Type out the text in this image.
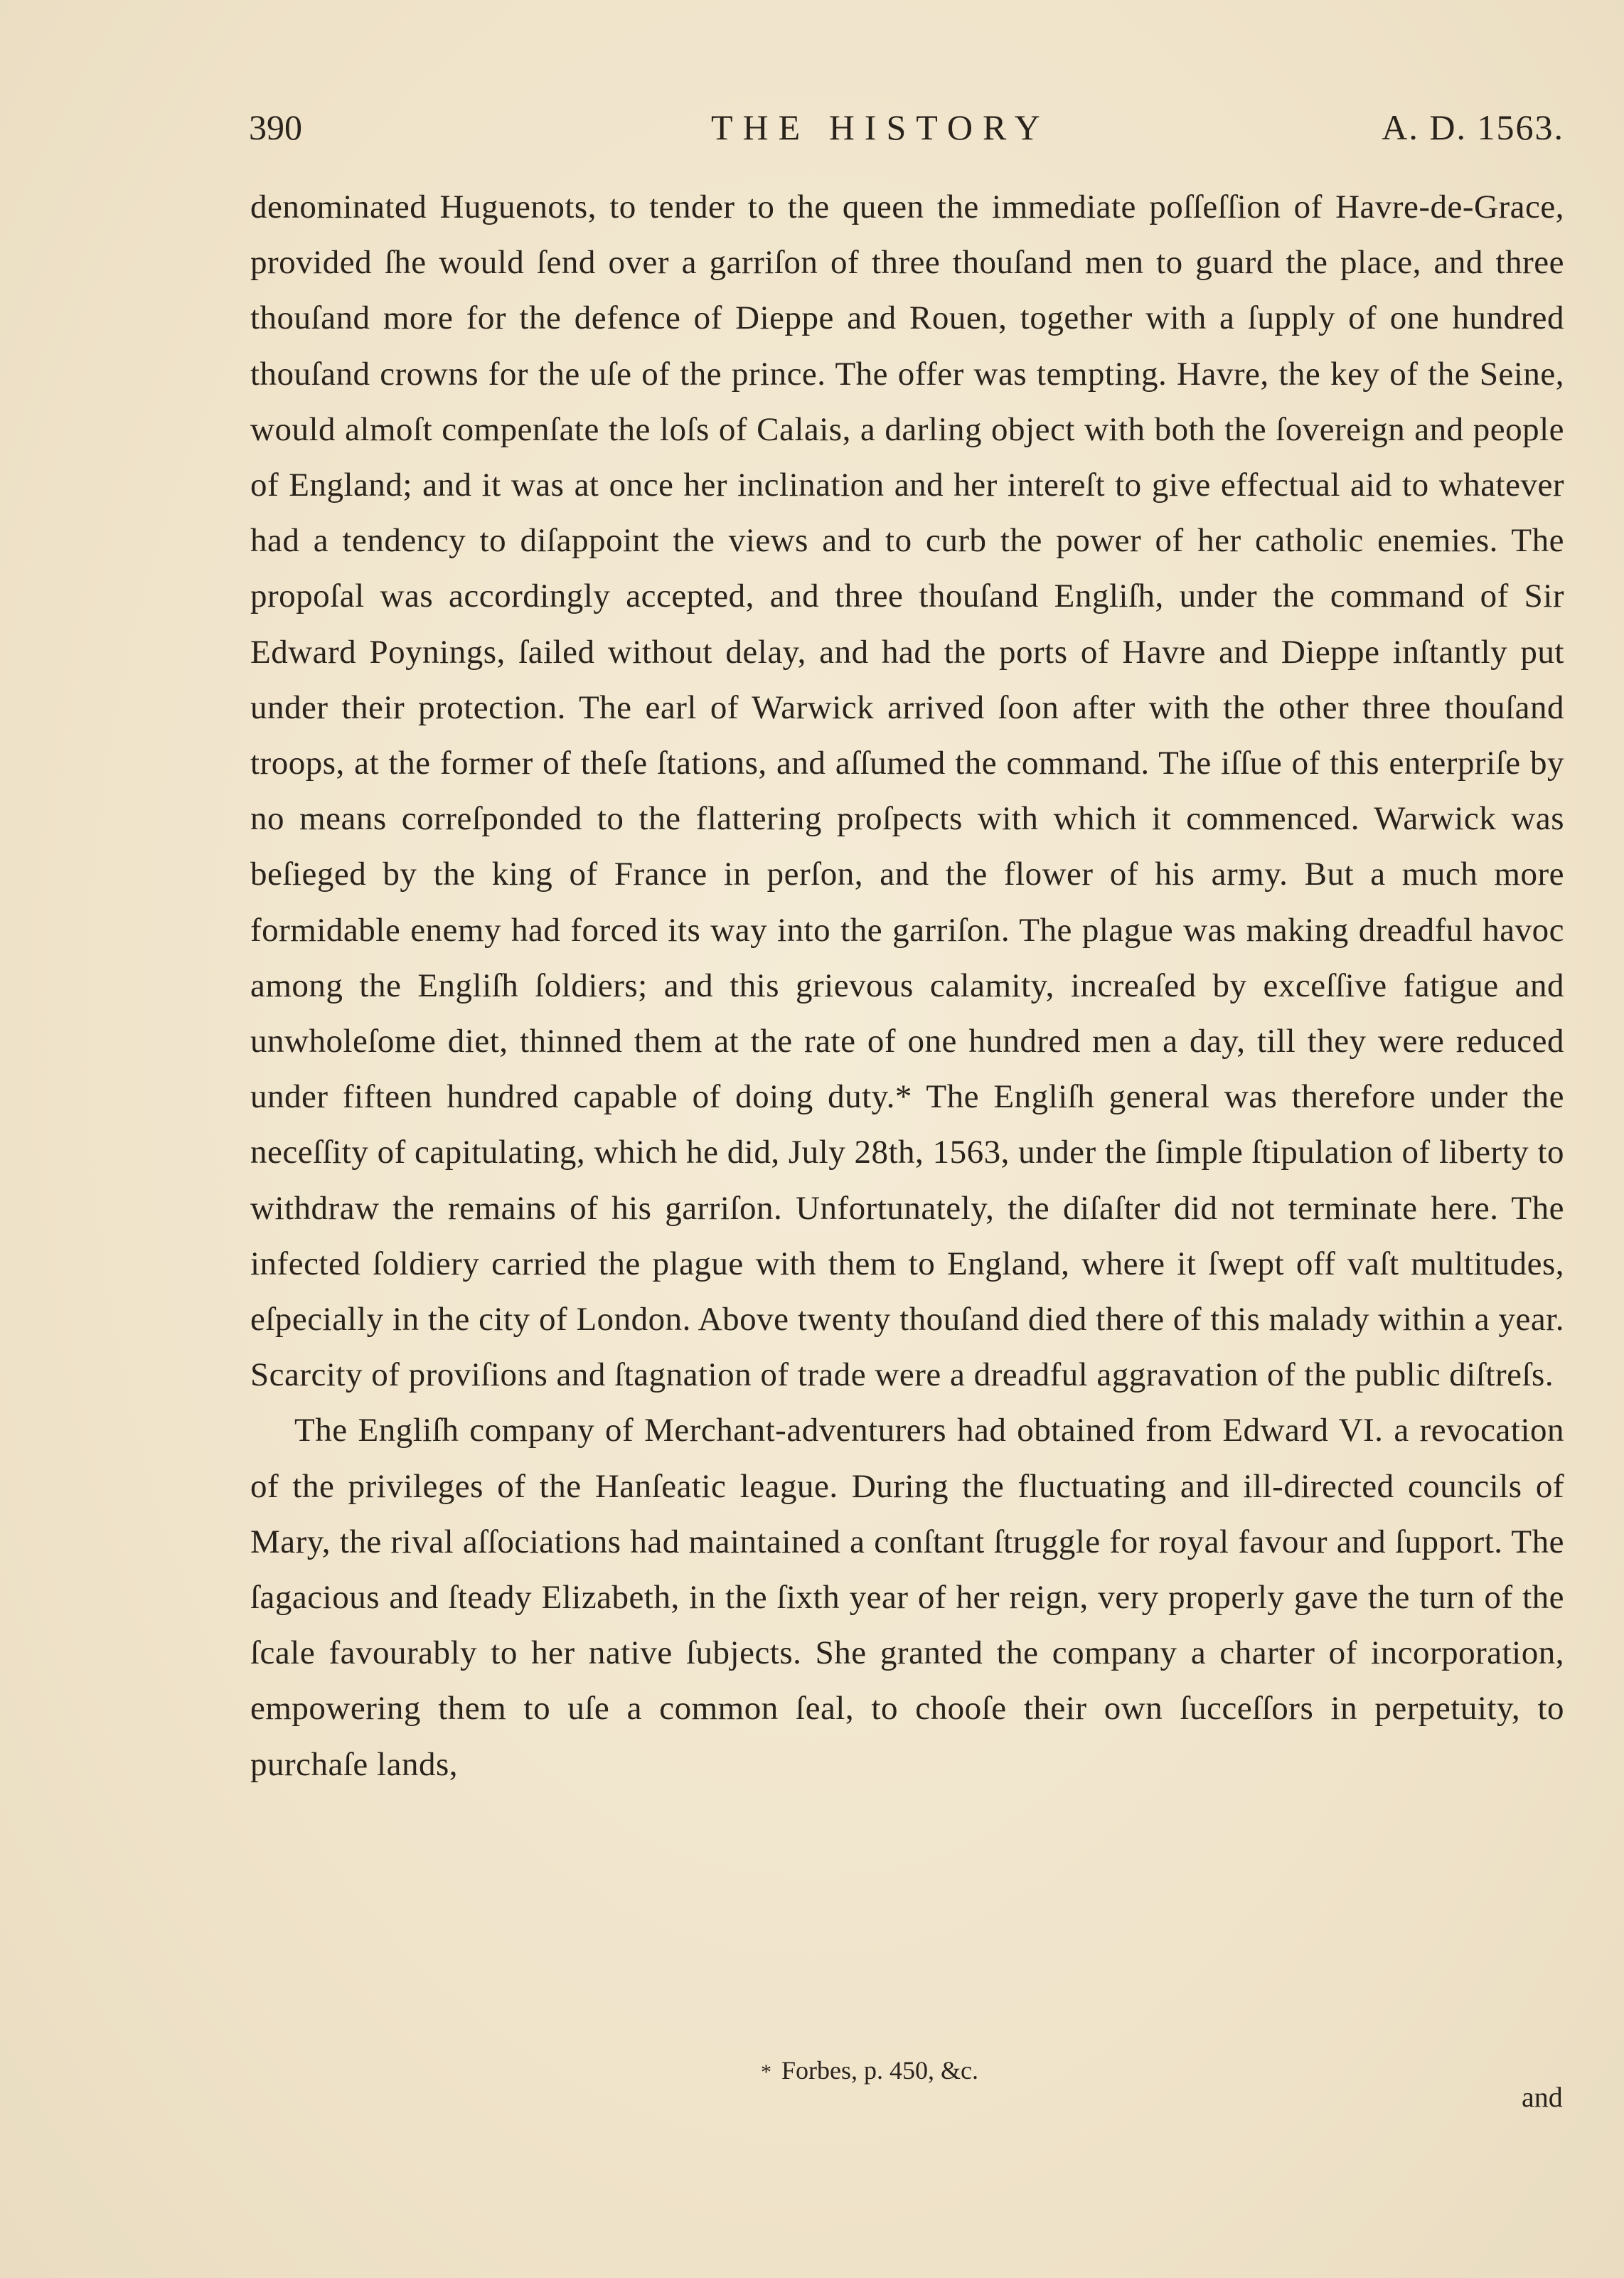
390	THE HISTORY	A. D. 1563.

denominated Huguenots, to tender to the queen the immediate poſſeſſion of Havre-de-Grace, provided ſhe would ſend over a garriſon of three thouſand men to guard the place, and three thouſand more for the defence of Dieppe and Rouen, together with a ſupply of one hundred thouſand crowns for the uſe of the prince. The offer was tempting. Havre, the key of the Seine, would almoſt compenſate the loſs of Calais, a darling object with both the ſovereign and people of England; and it was at once her inclination and her intereſt to give effectual aid to whatever had a tendency to diſappoint the views and to curb the power of her catholic enemies. The propoſal was accordingly accepted, and three thouſand Engliſh, under the command of Sir Edward Poynings, ſailed without delay, and had the ports of Havre and Dieppe inſtantly put under their protection. The earl of Warwick arrived ſoon after with the other three thouſand troops, at the former of theſe ſtations, and aſſumed the command. The iſſue of this enterpriſe by no means correſponded to the flattering proſpects with which it commenced. Warwick was beſieged by the king of France in perſon, and the flower of his army. But a much more formidable enemy had forced its way into the garriſon. The plague was making dreadful havoc among the Engliſh ſoldiers; and this grievous calamity, increaſed by exceſſive fatigue and unwholeſome diet, thinned them at the rate of one hundred men a day, till they were reduced under fifteen hundred capable of doing duty.* The Engliſh general was therefore under the neceſſity of capitulating, which he did, July 28th, 1563, under the ſimple ſtipulation of liberty to withdraw the remains of his garriſon. Unfortunately, the diſaſter did not terminate here. The infected ſoldiery carried the plague with them to England, where it ſwept off vaſt multitudes, eſpecially in the city of London. Above twenty thouſand died there of this malady within a year. Scarcity of proviſions and ſtagnation of trade were a dreadful aggravation of the public diſtreſs.

The Engliſh company of Merchant-adventurers had obtained from Edward VI. a revocation of the privileges of the Hanſeatic league. During the fluctuating and ill-directed councils of Mary, the rival aſſociations had maintained a conſtant ſtruggle for royal favour and ſupport. The ſagacious and ſteady Elizabeth, in the ſixth year of her reign, very properly gave the turn of the ſcale favourably to her native ſubjects. She granted the company a charter of incorporation, empowering them to uſe a common ſeal, to chooſe their own ſucceſſors in perpetuity, to purchaſe lands,

* Forbes, p. 450, &c.
and
